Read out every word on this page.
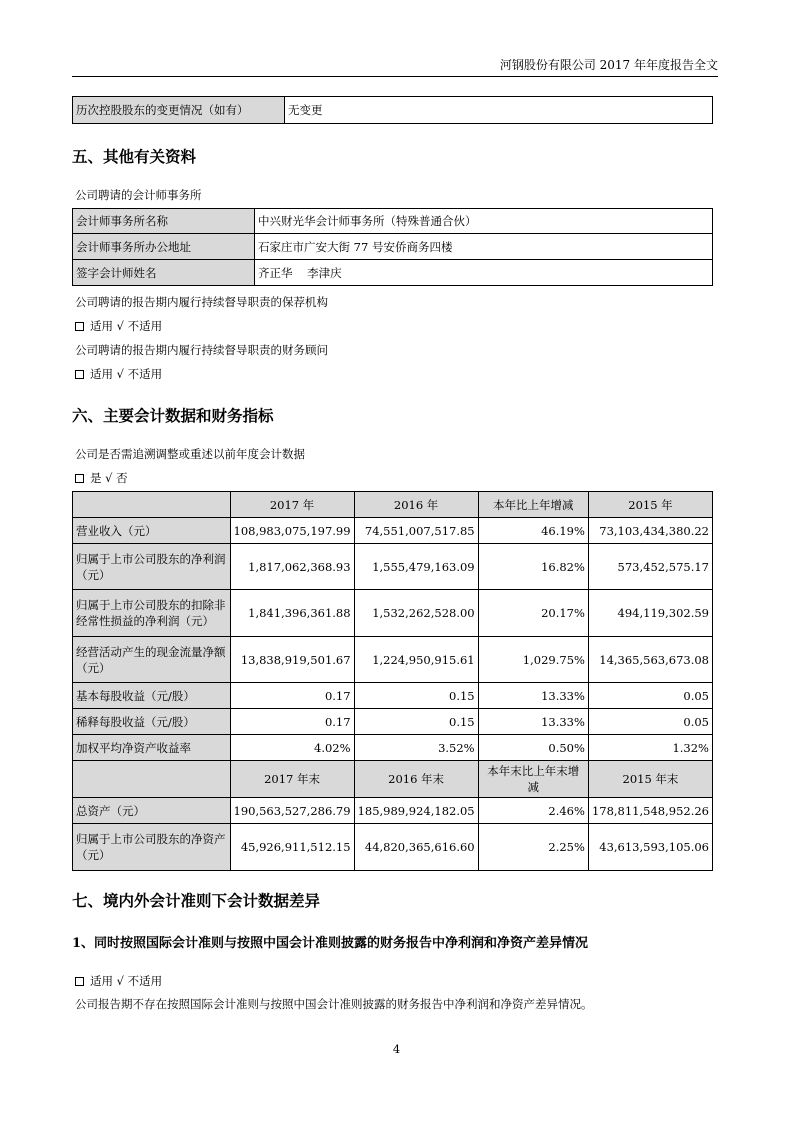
河钢股份有限公司 2017 年年度报告全文
历次控股股东的变更情况（如有）	无变更
五、其他有关资料
公司聘请的会计师事务所
会计师事务所名称	中兴财光华会计师事务所（特殊普通合伙）
会计师事务所办公地址	石家庄市广安大街 77 号安侨商务四楼
签字会计师姓名	齐正华    李津庆
公司聘请的报告期内履行持续督导职责的保荐机构
适用 √ 不适用
公司聘请的报告期内履行持续督导职责的财务顾问
适用 √ 不适用
六、主要会计数据和财务指标
公司是否需追溯调整或重述以前年度会计数据
是 √ 否
	2017 年	2016 年	本年比上年增减	2015 年
营业收入（元）	108,983,075,197.99	74,551,007,517.85	46.19%	73,103,434,380.22
归属于上市公司股东的净利润（元）	1,817,062,368.93	1,555,479,163.09	16.82%	573,452,575.17
归属于上市公司股东的扣除非经常性损益的净利润（元）	1,841,396,361.88	1,532,262,528.00	20.17%	494,119,302.59
经营活动产生的现金流量净额（元）	13,838,919,501.67	1,224,950,915.61	1,029.75%	14,365,563,673.08
基本每股收益（元/股）	0.17	0.15	13.33%	0.05
稀释每股收益（元/股）	0.17	0.15	13.33%	0.05
加权平均净资产收益率	4.02%	3.52%	0.50%	1.32%
	2017 年末	2016 年末	本年末比上年末增减	2015 年末
总资产（元）	190,563,527,286.79	185,989,924,182.05	2.46%	178,811,548,952.26
归属于上市公司股东的净资产（元）	45,926,911,512.15	44,820,365,616.60	2.25%	43,613,593,105.06
七、境内外会计准则下会计数据差异
1、同时按照国际会计准则与按照中国会计准则披露的财务报告中净利润和净资产差异情况
适用 √ 不适用
公司报告期不存在按照国际会计准则与按照中国会计准则披露的财务报告中净利润和净资产差异情况。
4
